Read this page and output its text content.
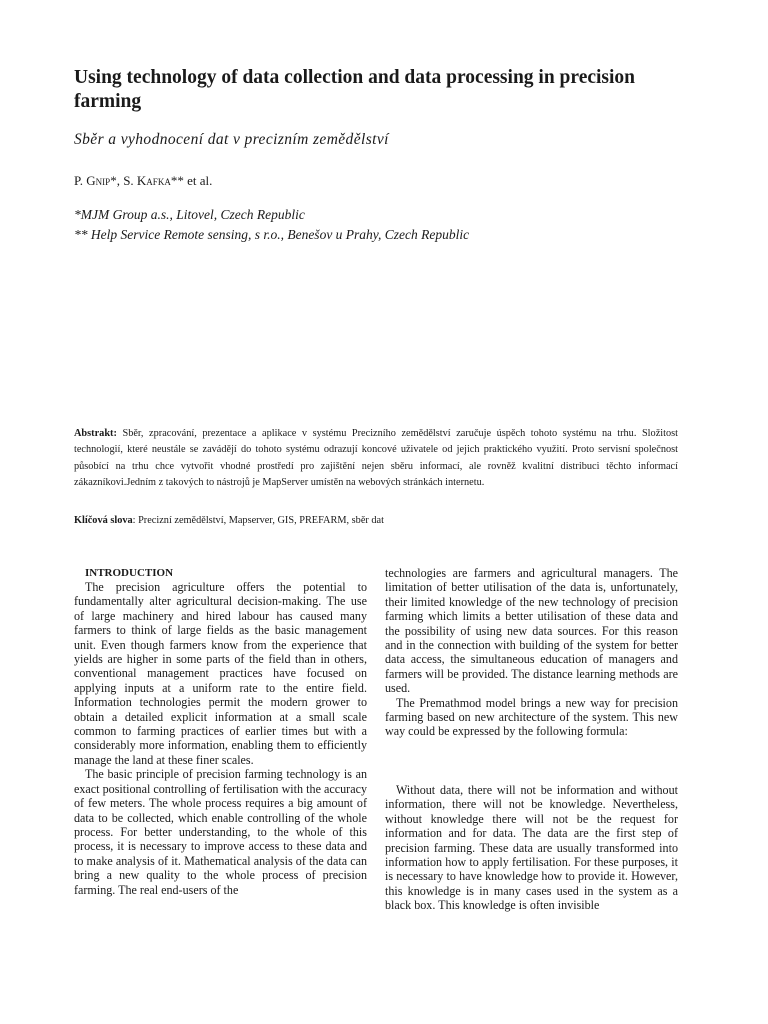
Using technology of data collection and data processing in precision farming

Sběr a vyhodnocení dat v precizním zemědělství

P. Gnip*, S. Kafka** et al.

*MJM Group a.s., Litovel, Czech Republic

** Help Service Remote sensing, s r.o., Benešov u Prahy, Czech Republic

Abstrakt: Sběr, zpracování, prezentace a aplikace v systému Precizního zemědělství zaručuje úspěch tohoto systému na trhu. Složitost technologií, které neustále se zavádějí do tohoto systému odrazují koncové uživatele od jejich praktického využití. Proto servisní společnost působící na trhu chce vytvořit vhodné prostředí pro zajištění nejen sběru informací, ale rovněž kvalitní distribuci těchto informací zákazníkovi.Jedním z takových to nástrojů je MapServer umístěn na webových stránkách internetu.

Klíčová slova: Precizní zemědělství, Mapserver, GIS, PREFARM, sběr dat

INTRODUCTION

The precision agriculture offers the potential to fundamentally alter agricultural decision-making. The use of large machinery and hired labour has caused many farmers to think of large fields as the basic management unit. Even though farmers know from the experience that yields are higher in some parts of the field than in others, conventional management practices have focused on applying inputs at a uniform rate to the entire field. Information technologies permit the modern grower to obtain a detailed explicit information at a small scale common to farming practices of earlier times but with a considerably more information, enabling them to efficiently manage the land at these finer scales.

The basic principle of precision farming technology is an exact positional controlling of fertilisation with the accuracy of few meters. The whole process requires a big amount of data to be collected, which enable controlling of the whole process. For better understanding, to the whole of this process, it is necessary to improve access to these data and to make analysis of it. Mathematical analysis of the data can bring a new quality to the whole process of precision farming. The real end-users of the

technologies are farmers and agricultural managers. The limitation of better utilisation of the data is, unfortunately, their limited knowledge of the new technology of precision farming which limits a better utilisation of these data and the possibility of using new data sources. For this reason and in the connection with building of the system for better data access, the simultaneous education of managers and farmers will be provided. The distance learning methods are used.

The Premathmod model brings a new way for precision farming based on new architecture of the system. This new way could be expressed by the following formula:

Without data, there will not be information and without information, there will not be knowledge. Nevertheless, without knowledge there will not be the request for information and for data. The data are the first step of precision farming. These data are usually transformed into information how to apply fertilisation. For these purposes, it is necessary to have knowledge how to provide it. However, this knowledge is in many cases used in the system as a black box. This knowledge is often invisible
